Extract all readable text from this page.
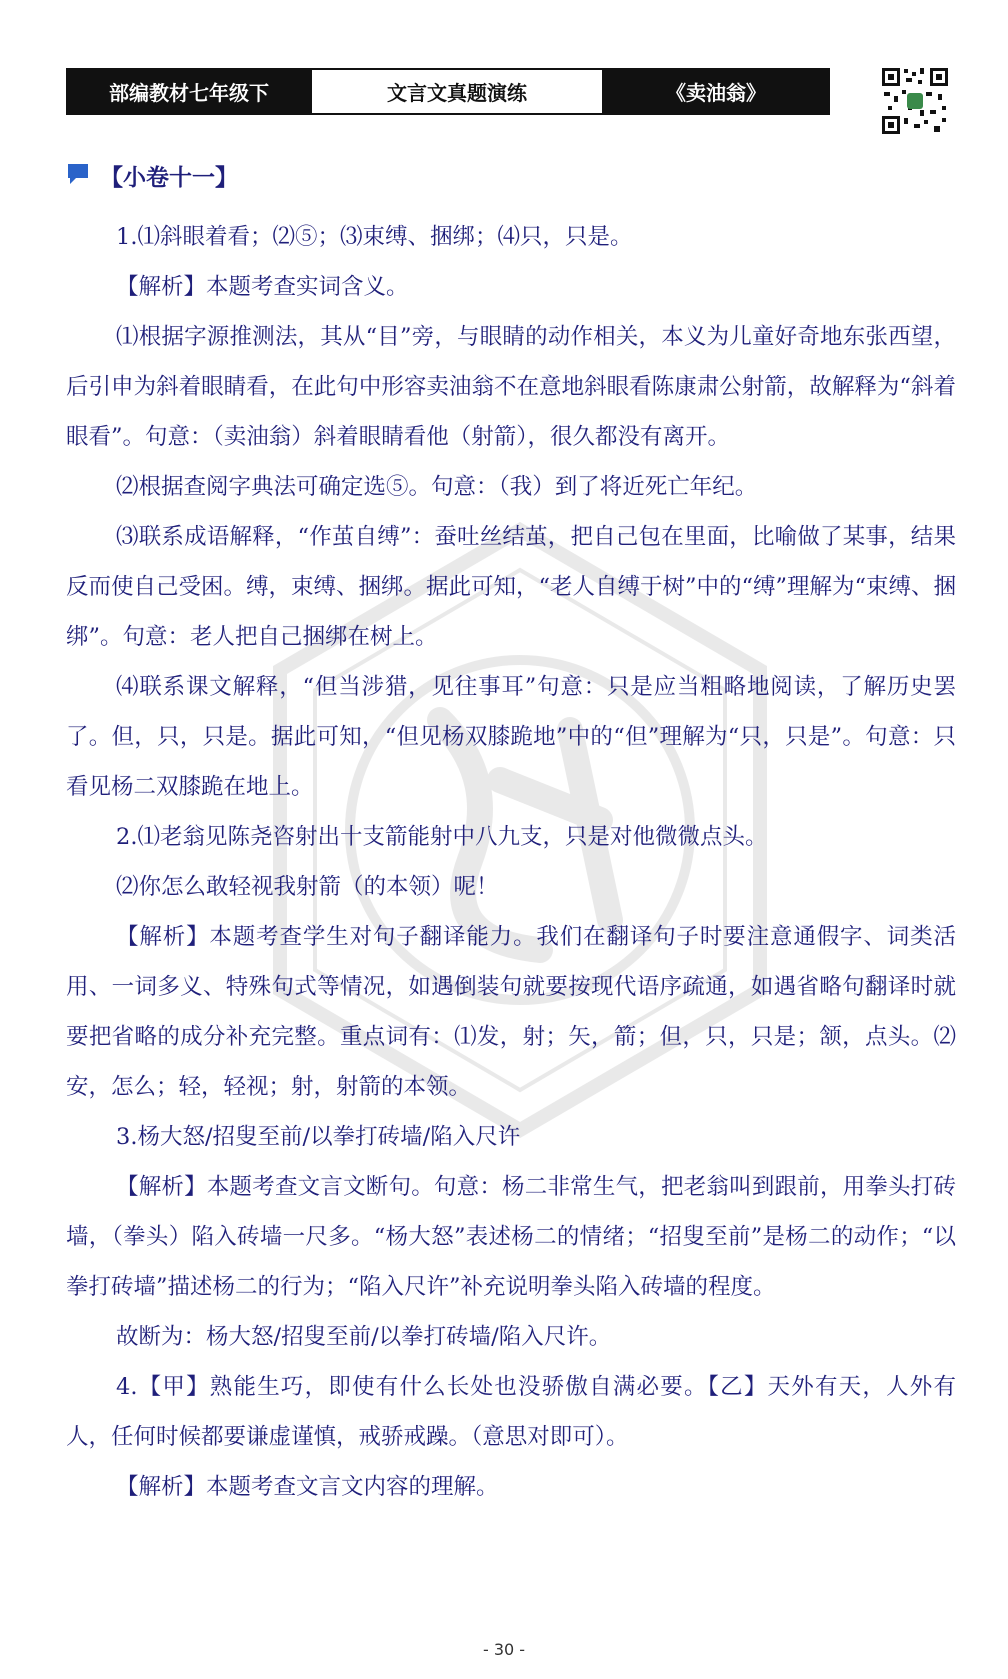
部编教材七年级下	文言文真题演练	《卖油翁》
【小卷十一】

1.⑴斜眼着看；⑵⑤；⑶束缚、捆绑；⑷只，只是。

【解析】本题考查实词含义。

⑴根据字源推测法，其从“目”旁，与眼睛的动作相关，本义为儿童好奇地东张西望，后引申为斜着眼睛看，在此句中形容卖油翁不在意地斜眼看陈康肃公射箭，故解释为“斜着眼看”。句意：（卖油翁）斜着眼睛看他（射箭），很久都没有离开。

⑵根据查阅字典法可确定选⑤。句意：（我）到了将近死亡年纪。

⑶联系成语解释，“作茧自缚”：蚕吐丝结茧，把自己包在里面，比喻做了某事，结果反而使自己受困。缚，束缚、捆绑。据此可知，“老人自缚于树”中的“缚”理解为“束缚、捆绑”。句意：老人把自己捆绑在树上。

⑷联系课文解释，“但当涉猎，见往事耳”句意：只是应当粗略地阅读，了解历史罢了。但，只，只是。据此可知，“但见杨双膝跪地”中的“但”理解为“只，只是”。句意：只看见杨二双膝跪在地上。

2.⑴老翁见陈尧咨射出十支箭能射中八九支，只是对他微微点头。

⑵你怎么敢轻视我射箭（的本领）呢！

【解析】本题考查学生对句子翻译能力。我们在翻译句子时要注意通假字、词类活用、一词多义、特殊句式等情况，如遇倒装句就要按现代语序疏通，如遇省略句翻译时就要把省略的成分补充完整。重点词有：⑴发，射；矢，箭；但，只，只是；颔，点头。⑵安，怎么；轻，轻视；射，射箭的本领。

3.杨大怒/招叟至前/以拳打砖墙/陷入尺许

【解析】本题考查文言文断句。句意：杨二非常生气，把老翁叫到跟前，用拳头打砖墙，（拳头）陷入砖墙一尺多。“杨大怒”表述杨二的情绪；“招叟至前”是杨二的动作；“以拳打砖墙”描述杨二的行为；“陷入尺许”补充说明拳头陷入砖墙的程度。

故断为：杨大怒/招叟至前/以拳打砖墙/陷入尺许。

4.【甲】熟能生巧，即使有什么长处也没骄傲自满必要。【乙】天外有天，人外有人，任何时候都要谦虚谨慎，戒骄戒躁。（意思对即可）。

【解析】本题考查文言文内容的理解。

- 30 -
